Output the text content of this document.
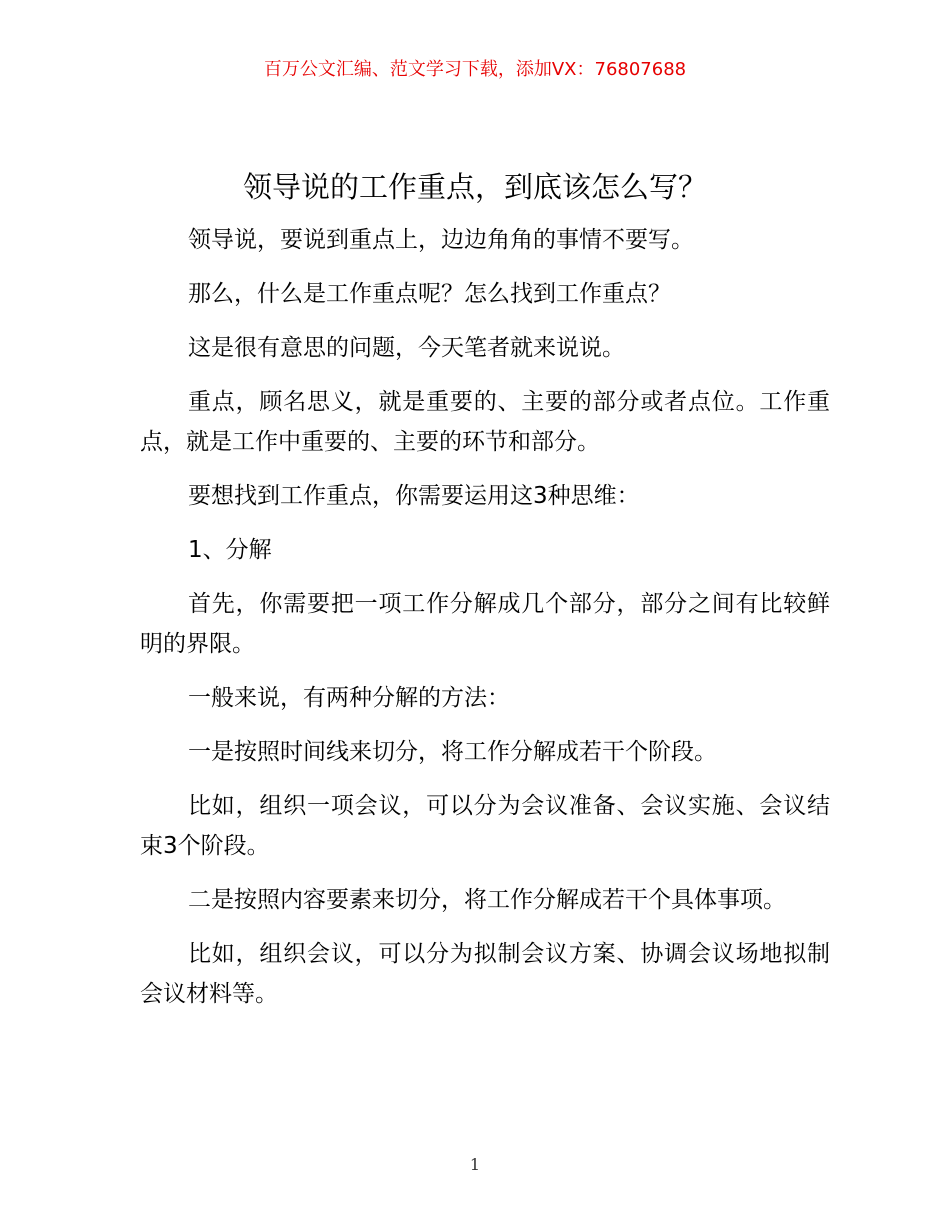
百万公文汇编、范文学习下载，添加VX：76807688
领导说的工作重点，到底该怎么写？

领导说，要说到重点上，边边角角的事情不要写。

那么，什么是工作重点呢？怎么找到工作重点？

这是很有意思的问题，今天笔者就来说说。

重点，顾名思义，就是重要的、主要的部分或者点位。工作重点，就是工作中重要的、主要的环节和部分。

要想找到工作重点，你需要运用这3种思维：

1、分解

首先，你需要把一项工作分解成几个部分，部分之间有比较鲜明的界限。

一般来说，有两种分解的方法：

一是按照时间线来切分，将工作分解成若干个阶段。

比如，组织一项会议，可以分为会议准备、会议实施、会议结束3个阶段。

二是按照内容要素来切分，将工作分解成若干个具体事项。

比如，组织会议，可以分为拟制会议方案、协调会议场地拟制会议材料等。

1
